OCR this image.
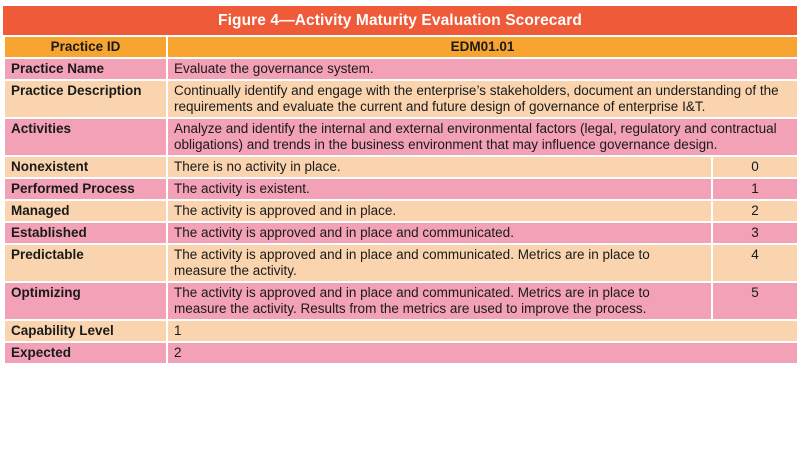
Figure 4—Activity Maturity Evaluation Scorecard
Practice ID	EDM01.01	
Practice Name	Evaluate the governance system.	
Practice Description	Continually identify and engage with the enterprise’s stakeholders, document an understanding of the requirements and evaluate the current and future design of governance of enterprise I&T.	
Activities	Analyze and identify the internal and external environmental factors (legal, regulatory and contractual obligations) and trends in the business environment that may influence governance design.	
Nonexistent	There is no activity in place.	0
Performed Process	The activity is existent.	1
Managed	The activity is approved and in place.	2
Established	The activity is approved and in place and communicated.	3
Predictable	The activity is approved and in place and communicated. Metrics are in place to measure the activity.	4
Optimizing	The activity is approved and in place and communicated. Metrics are in place to measure the activity. Results from the metrics are used to improve the process.	5
Capability Level	1	
Expected	2	
